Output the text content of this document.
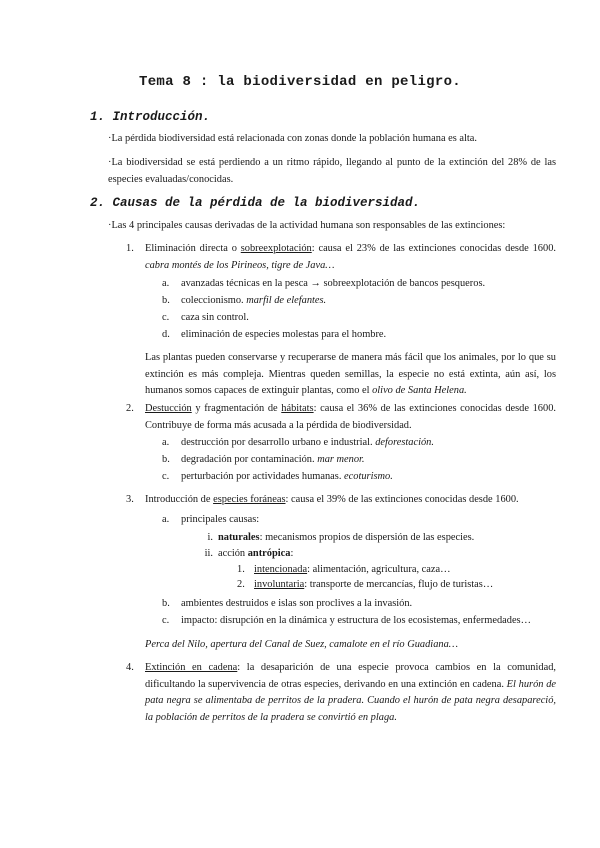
Tema 8 : la biodiversidad en peligro.
1. Introducción.

·La pérdida biodiversidad está relacionada con zonas donde la población humana es alta.

·La biodiversidad se está perdiendo a un ritmo rápido, llegando al punto de la extinción del 28% de las especies evaluadas/conocidas.

2. Causas de la pérdida de la biodiversidad.

·Las 4 principales causas derivadas de la actividad humana son responsables de las extinciones:

1. Eliminación directa o sobreexplotación: causa el 23% de las extinciones conocidas desde 1600. cabra montés de los Pirineos, tigre de Java…

a. avanzadas técnicas en la pesca → sobreexplotación de bancos pesqueros.

b. coleccionismo. marfil de elefantes.

c. caza sin control.

d. eliminación de especies molestas para el hombre.

Las plantas pueden conservarse y recuperarse de manera más fácil que los animales, por lo que su extinción es más compleja. Mientras queden semillas, la especie no está extinta, aún así, los humanos somos capaces de extinguir plantas, como el olivo de Santa Helena.

2. Destucción y fragmentación de hábitats: causa el 36% de las extinciones conocidas desde 1600. Contribuye de forma más acusada a la pérdida de biodiversidad.

a. destrucción por desarrollo urbano e industrial. deforestación.

b. degradación por contaminación. mar menor.

c. perturbación por actividades humanas. ecoturismo.

3. Introducción de especies foráneas: causa el 39% de las extinciones conocidas desde 1600.

a. principales causas:

i. naturales: mecanismos propios de dispersión de las especies.

ii. acción antrópica:

1. intencionada: alimentación, agricultura, caza…

2. involuntaria: transporte de mercancías, flujo de turistas…

b. ambientes destruidos e islas son proclives a la invasión.

c. impacto: disrupción en la dinámica y estructura de los ecosistemas, enfermedades…

Perca del Nilo, apertura del Canal de Suez, camalote en el río Guadiana…

4. Extinción en cadena: la desaparición de una especie provoca cambios en la comunidad, dificultando la supervivencia de otras especies, derivando en una extinción en cadena. El hurón de pata negra se alimentaba de perritos de la pradera. Cuando el hurón de pata negra desapareció, la población de perritos de la pradera se convirtió en plaga.
